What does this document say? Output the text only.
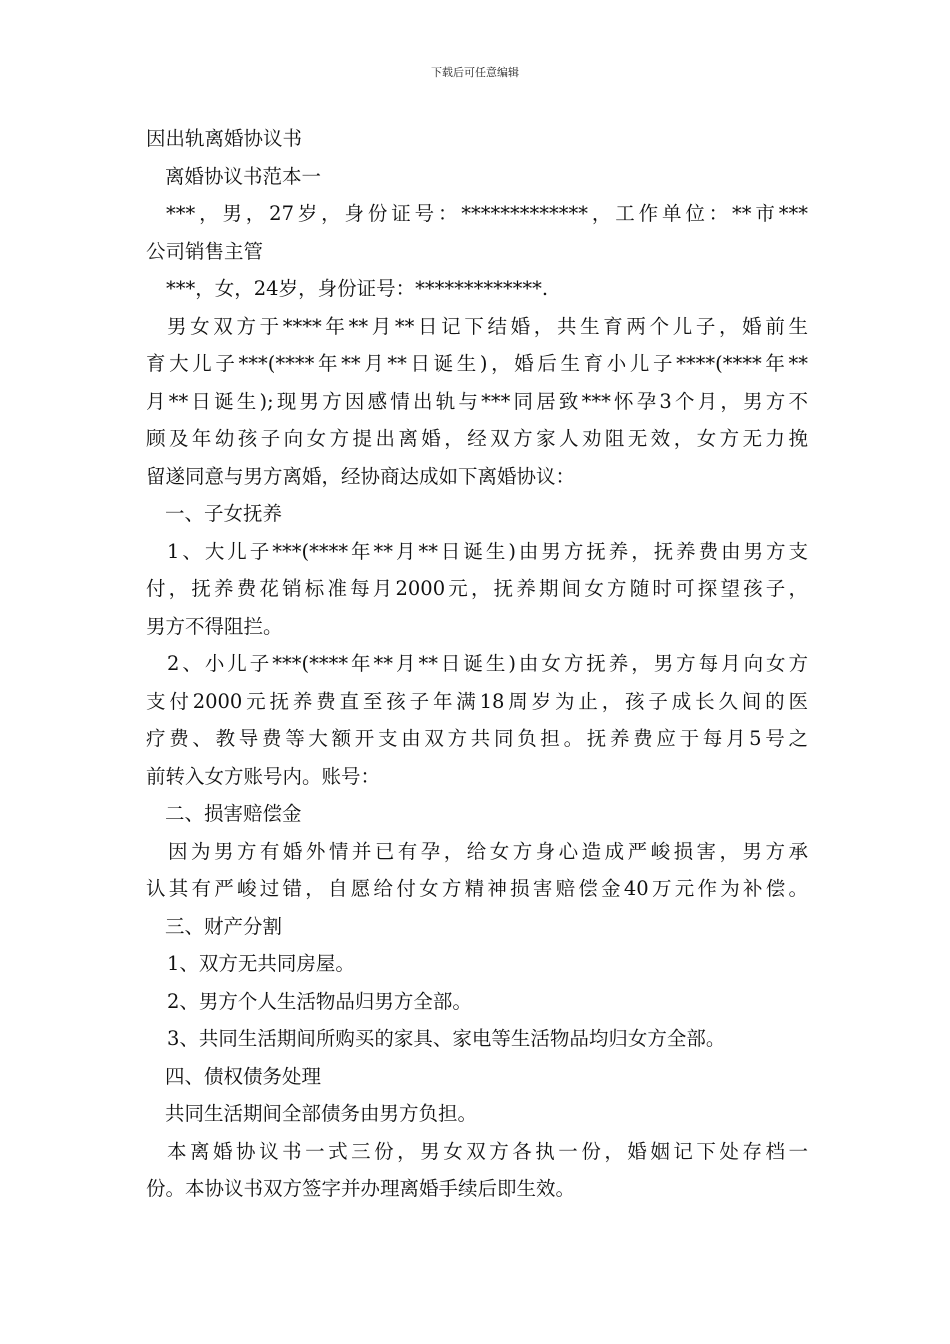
下载后可任意编辑
因出轨离婚协议书
离婚协议书范本一
***，男，27岁，身份证号：*************，工作单位：**市***
公司销售主管
***，女，24岁，身份证号：*************.
男女双方于****年**月**日记下结婚，共生育两个儿子，婚前生
育大儿子***(****年**月**日诞生)，婚后生育小儿子****(****年**
月**日诞生);现男方因感情出轨与***同居致***怀孕3个月，男方不
顾及年幼孩子向女方提出离婚，经双方家人劝阻无效，女方无力挽
留遂同意与男方离婚，经协商达成如下离婚协议：
一、子女抚养
1、大儿子***(****年**月**日诞生)由男方抚养，抚养费由男方支
付，抚养费花销标准每月2000元，抚养期间女方随时可探望孩子，
男方不得阻拦。
2、小儿子***(****年**月**日诞生)由女方抚养，男方每月向女方
支付2000元抚养费直至孩子年满18周岁为止，孩子成长久间的医
疗费、教导费等大额开支由双方共同负担。抚养费应于每月5号之
前转入女方账号内。账号：
二、损害赔偿金
因为男方有婚外情并已有孕，给女方身心造成严峻损害，男方承
认其有严峻过错，自愿给付女方精神损害赔偿金40万元作为补偿。
三、财产分割
1、双方无共同房屋。
2、男方个人生活物品归男方全部。
3、共同生活期间所购买的家具、家电等生活物品均归女方全部。
四、债权债务处理
共同生活期间全部债务由男方负担。
本离婚协议书一式三份，男女双方各执一份，婚姻记下处存档一
份。本协议书双方签字并办理离婚手续后即生效。
